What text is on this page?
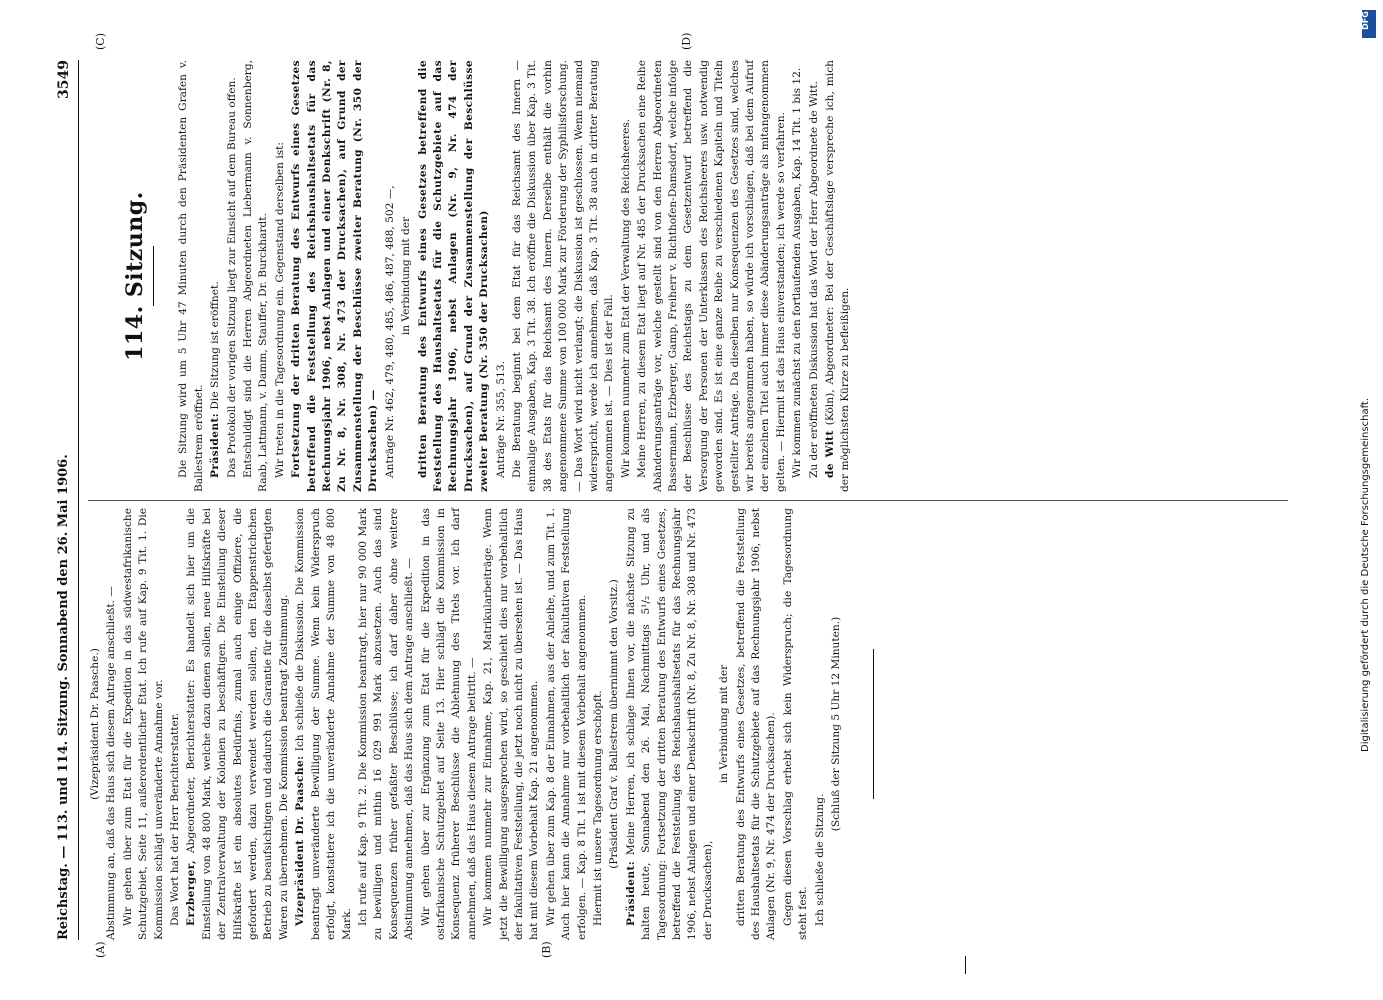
Reichstag. — 113. und 114. Sitzung. Sonnabend den 26. Mai 1906.
3549
(A)	(B)
(C)	(D)

(Vizepräsident Dr. Paasche.) Abstimmung an, daß das Haus sich diesem Antrage anschließt. — Wir gehen über zum Etat für die Expedition in das südwestafrikanische Schutzgebiet, Seite 11, außerordentlicher Etat. Ich rufe auf Kap. 9 Tit. 1. Die Kommission schlägt unveränderte Annahme vor. Das Wort hat der Herr Berichterstatter. Erzberger, Abgeordneter, Berichterstatter: Es handelt sich hier um die Einstellung von 48 800 Mark, welche dazu dienen sollen, neue Hilfskräfte bei der Zentralverwaltung der Kolonien zu beschäftigen. Die Einstellung dieser Hilfskräfte ist ein absolutes Bedürfnis, zumal auch einige Offiziere, die gefordert werden, dazu verwendet werden sollen, den Etappenstrichchen Betrieb zu beaufsichtigen und dadurch die Garantie für die daselbst gefertigten Waren zu übernehmen. Die Kommission beantragt Zustimmung. Vizepräsident Dr. Paasche: Ich schließe die Diskussion. Die Kommission beantragt unveränderte Bewilligung der Summe. Wenn kein Widerspruch erfolgt, konstatiere ich die unveränderte Annahme der Summe von 48 800 Mark. Ich rufe auf Kap. 9 Tit. 2. Die Kommission beantragt, hier nur 90 000 Mark zu bewilligen und mithin 16 029 991 Mark abzusetzen. Auch das sind Konsequenzen früher gefaßter Beschlüsse; ich darf daher ohne weitere Abstimmung annehmen, daß das Haus sich dem Antrage anschließt. — Wir gehen über zur Ergänzung zum Etat für die Expedition in das ostafrikanische Schutzgebiet auf Seite 13. Hier schlägt die Kommission in Konsequenz früherer Beschlüsse die Ablehnung des Titels vor. Ich darf annehmen, daß das Haus diesem Antrage beitritt. — Wir kommen nunmehr zur Einnahme, Kap. 21, Matrikularbeiträge. Wenn jetzt die Bewilligung ausgesprochen wird, so geschieht dies nur vorbehaltlich der fakultativen Feststellung, die jetzt noch nicht zu übersehen ist. — Das Haus hat mit diesem Vorbehalt Kap. 21 angenommen. Wir gehen über zum Kap. 8 der Einnahmen, aus der Anleihe, und zum Tit. 1. Auch hier kann die Annahme nur vorbehaltlich der fakultativen Feststellung erfolgen. — Kap. 8 Tit. 1 ist mit diesem Vorbehalt angenommen. Hiermit ist unsere Tagesordnung erschöpft. (Präsident Graf v. Ballestrem übernimmt den Vorsitz.)

Präsident: Meine Herren, ich schlage Ihnen vor, die nächste Sitzung zu halten heute, Sonnabend den 26. Mai, Nachmittags 5¹/₂ Uhr, und als Tagesordnung: Fortsetzung der dritten Beratung des Entwurfs eines Gesetzes, betreffend die Feststellung des Reichshaushaltsetats für das Rechnungsjahr 1906, nebst Anlagen und einer Denkschrift (Nr. 8, Zu Nr. 8, Nr. 308 und Nr. 473 der Drucksachen),

in Verbindung mit der dritten Beratung des Entwurfs eines Gesetzes, betreffend die Feststellung des Haushaltsetats für die Schutzgebiete auf das Rechnungsjahr 1906, nebst Anlagen (Nr. 9, Nr. 474 der Drucksachen). Gegen diesen Vorschlag erhebt sich kein Widerspruch; die Tagesordnung steht fest. Ich schließe die Sitzung.

(Schluß der Sitzung 5 Uhr 12 Minuten.)

114. Sitzung.	Die Sitzung wird um 5 Uhr 47 Minuten durch den Präsidenten Grafen v. Ballestrem eröffnet. Präsident: Die Sitzung ist eröffnet. Das Protokoll der vorigen Sitzung liegt zur Einsicht auf dem Bureau offen. Entschuldigt sind die Herren Abgeordneten Liebermann v. Sonnenberg, Raab, Lattmann, v. Damm, Stauffer, Dr. Burckhardt. Wir treten in die Tagesordnung ein. Gegenstand derselben ist: Fortsetzung der dritten Beratung des Entwurfs eines Gesetzes betreffend die Feststellung des Reichshaushaltsetats für das Rechnungsjahr 1906, nebst Anlagen und einer Denkschrift (Nr. 8, Zu Nr. 8, Nr. 308, Nr. 473 der Drucksachen), auf Grund der Zusammenstellung der Beschlüsse zweiter Beratung (Nr. 350 der Drucksachen) — Anträge Nr. 462, 479, 480, 485, 486, 487, 488, 502 —, in Verbindung mit der dritten Beratung des Entwurfs eines Gesetzes betreffend die Feststellung des Haushaltsetats für die Schutzgebiete auf das Rechnungsjahr 1906, nebst Anlagen (Nr. 9, Nr. 474 der Drucksachen), auf Grund der Zusammenstellung der Beschlüsse zweiter Beratung (Nr. 350 der Drucksachen) Anträge Nr. 355, 513. Die Beratung beginnt bei dem Etat für das Reichsamt des Innern — einmalige Ausgaben, Kap. 3 Tit. 38. Ich eröffne die Diskussion über Kap. 3 Tit. 38 des Etats für das Reichsamt des Innern. Derselbe enthält die vorhin angenommene Summe von 100 000 Mark zur Förderung der Syphilisforschung. — Das Wort wird nicht verlangt; die Diskussion ist geschlossen. Wenn niemand widerspricht, werde ich annehmen, daß Kap. 3 Tit. 38 auch in dritter Beratung angenommen ist. — Dies ist der Fall. Wir kommen nunmehr zum Etat der Verwaltung des Reichsheeres. Meine Herren, zu diesem Etat liegt auf Nr. 485 der Drucksachen eine Reihe Abänderungsanträge vor, welche gestellt sind von den Herren Abgeordneten Bassermann, Erzberger, Gamp, Freiherr v. Richthofen-Damsdorf, welche infolge der Beschlüsse des Reichstags zu dem Gesetzentwurf betreffend die Versorgung der Personen der Unterklassen des Reichsheeres usw. notwendig geworden sind. Es ist eine ganze Reihe zu verschiedenen Kapiteln und Titeln gestellter Anträge. Da dieselben nur Konsequenzen des Gesetzes sind, welches wir bereits angenommen haben, so würde ich vorschlagen, daß bei dem Aufruf der einzelnen Titel auch immer diese Abänderungsanträge als mitangenommen gelten. — Hiermit ist das Haus einverstanden; ich werde so verfahren. Wir kommen zunächst zu den fortlaufenden Ausgaben, Kap. 14 Tit. 1 bis 12. Zu der eröffneten Diskussion hat das Wort der Herr Abgeordnete de Witt. de Witt (Köln), Abgeordneter: Bei der Geschäftslage verspreche ich, mich der möglichsten Kürze zu befleißigen.

DFG
Digitalisierung gefördert durch die Deutsche Forschungsgemeinschaft.
